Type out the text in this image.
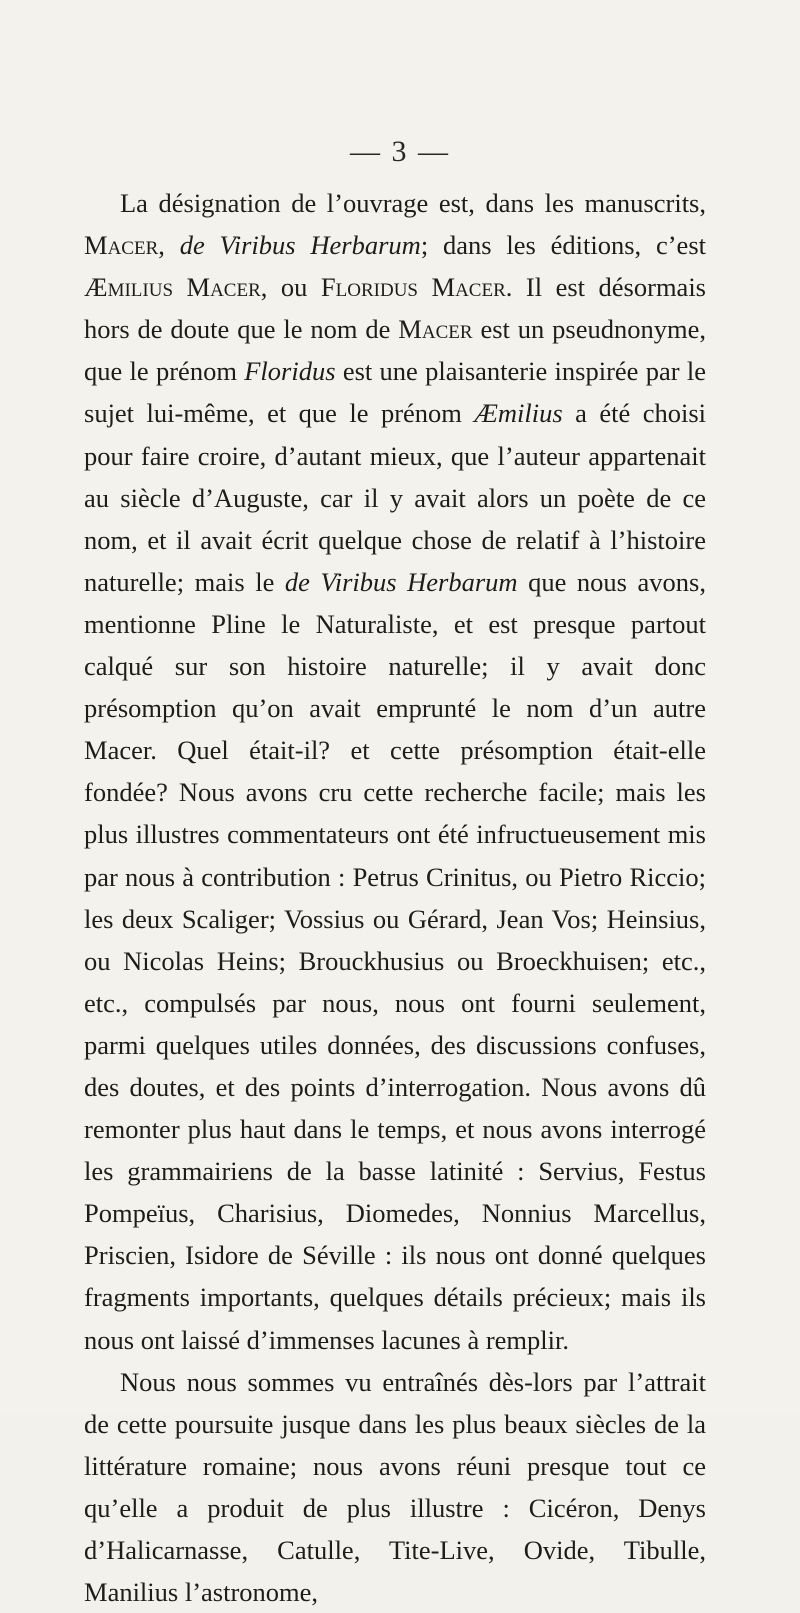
— 3 —

La désignation de l’ouvrage est, dans les manuscrits, Macer, de Viribus Herbarum; dans les éditions, c’est Æmilius Macer, ou Floridus Macer. Il est désormais hors de doute que le nom de Macer est un pseudnonyme, que le prénom Floridus est une plaisanterie inspirée par le sujet lui-même, et que le prénom Æmilius a été choisi pour faire croire, d’autant mieux, que l’auteur appartenait au siècle d’Auguste, car il y avait alors un poète de ce nom, et il avait écrit quelque chose de relatif à l’histoire naturelle; mais le de Viribus Herbarum que nous avons, mentionne Pline le Naturaliste, et est presque partout calqué sur son histoire naturelle; il y avait donc présomption qu’on avait emprunté le nom d’un autre Macer. Quel était-il? et cette présomption était-elle fondée? Nous avons cru cette recherche facile; mais les plus illustres commentateurs ont été infructueusement mis par nous à contribution : Petrus Crinitus, ou Pietro Riccio; les deux Scaliger; Vossius ou Gérard, Jean Vos; Heinsius, ou Nicolas Heins; Brouckhusius ou Broeckhuisen; etc., etc., compulsés par nous, nous ont fourni seulement, parmi quelques utiles données, des discussions confuses, des doutes, et des points d’interrogation. Nous avons dû remonter plus haut dans le temps, et nous avons interrogé les grammairiens de la basse latinité : Servius, Festus Pompeïus, Charisius, Diomedes, Nonnius Marcellus, Priscien, Isidore de Séville : ils nous ont donné quelques fragments importants, quelques détails précieux; mais ils nous ont laissé d’immenses lacunes à remplir.

Nous nous sommes vu entraînés dès-lors par l’attrait de cette poursuite jusque dans les plus beaux siècles de la littérature romaine; nous avons réuni presque tout ce qu’elle a produit de plus illustre : Cicéron, Denys d’Halicarnasse, Catulle, Tite-Live, Ovide, Tibulle, Manilius l’astronome,
